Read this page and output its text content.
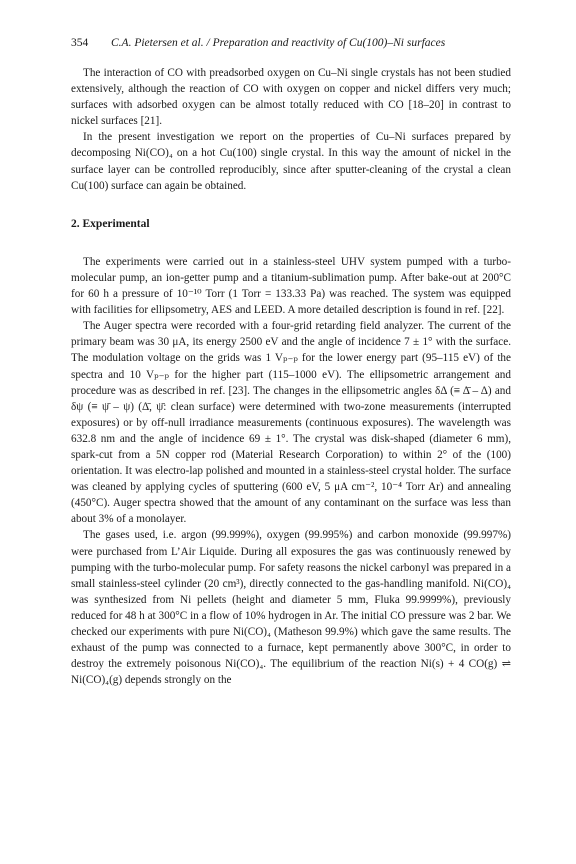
354 C.A. Pietersen et al. / Preparation and reactivity of Cu(100)–Ni surfaces

The interaction of CO with preadsorbed oxygen on Cu–Ni single crystals has not been studied extensively, although the reaction of CO with oxygen on copper and nickel differs very much; surfaces with adsorbed oxygen can be almost totally reduced with CO [18–20] in contrast to nickel surfaces [21].

In the present investigation we report on the properties of Cu–Ni surfaces prepared by decomposing Ni(CO)₄ on a hot Cu(100) single crystal. In this way the amount of nickel in the surface layer can be controlled reproducibly, since after sputter-cleaning of the crystal a clean Cu(100) surface can again be obtained.

2. Experimental

The experiments were carried out in a stainless-steel UHV system pumped with a turbo-molecular pump, an ion-getter pump and a titanium-sublimation pump. After bake-out at 200°C for 60 h a pressure of 10⁻¹⁰ Torr (1 Torr = 133.33 Pa) was reached. The system was equipped with facilities for ellipsometry, AES and LEED. A more detailed description is found in ref. [22].

The Auger spectra were recorded with a four-grid retarding field analyzer. The current of the primary beam was 30 μA, its energy 2500 eV and the angle of incidence 7 ± 1° with the surface. The modulation voltage on the grids was 1 Vₚ₋ₚ for the lower energy part (95–115 eV) of the spectra and 10 Vₚ₋ₚ for the higher part (115–1000 eV). The ellipsometric arrangement and procedure was as described in ref. [23]. The changes in the ellipsometric angles δΔ (≡ Δ̄ – Δ) and δψ (≡ ψ̄ – ψ) (Δ̄, ψ̄: clean surface) were determined with two-zone measurements (interrupted exposures) or by off-null irradiance measurements (continuous exposures). The wavelength was 632.8 nm and the angle of incidence 69 ± 1°. The crystal was disk-shaped (diameter 6 mm), spark-cut from a 5N copper rod (Material Research Corporation) to within 2° of the (100) orientation. It was electro-lap polished and mounted in a stainless-steel crystal holder. The surface was cleaned by applying cycles of sputtering (600 eV, 5 μA cm⁻², 10⁻⁴ Torr Ar) and annealing (450°C). Auger spectra showed that the amount of any contaminant on the surface was less than about 3% of a monolayer.

The gases used, i.e. argon (99.999%), oxygen (99.995%) and carbon monoxide (99.997%) were purchased from L’Air Liquide. During all exposures the gas was continuously renewed by pumping with the turbo-molecular pump. For safety reasons the nickel carbonyl was prepared in a small stainless-steel cylinder (20 cm³), directly connected to the gas-handling manifold. Ni(CO)₄ was synthesized from Ni pellets (height and diameter 5 mm, Fluka 99.9999%), previously reduced for 48 h at 300°C in a flow of 10% hydrogen in Ar. The initial CO pressure was 2 bar. We checked our experiments with pure Ni(CO)₄ (Matheson 99.9%) which gave the same results. The exhaust of the pump was connected to a furnace, kept permanently above 300°C, in order to destroy the extremely poisonous Ni(CO)₄. The equilibrium of the reaction Ni(s) + 4 CO(g) ⇌ Ni(CO)₄(g) depends strongly on the
